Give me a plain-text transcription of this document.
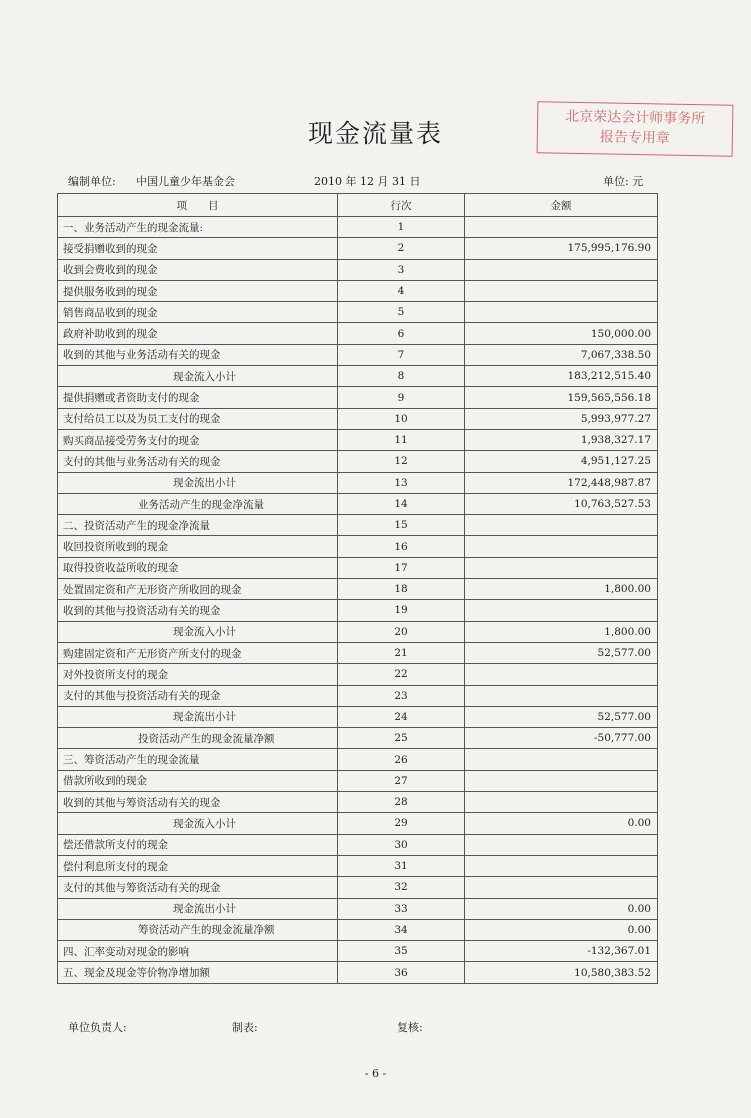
现金流量表
北京荣达会计师事务所
报告专用章
编制单位: 中国儿童少年基金会	2010 年 12 月 31 日	单位: 元
项　　目	行次	金额
一、业务活动产生的现金流量:	1	
接受捐赠收到的现金	2	175,995,176.90
收到会费收到的现金	3	
提供服务收到的现金	4	
销售商品收到的现金	5	
政府补助收到的现金	6	150,000.00
收到的其他与业务活动有关的现金	7	7,067,338.50
现金流入小计	8	183,212,515.40
提供捐赠或者资助支付的现金	9	159,565,556.18
支付给员工以及为员工支付的现金	10	5,993,977.27
购买商品接受劳务支付的现金	11	1,938,327.17
支付的其他与业务活动有关的现金	12	4,951,127.25
现金流出小计	13	172,448,987.87
业务活动产生的现金净流量	14	10,763,527.53
二、投资活动产生的现金净流量	15	
收回投资所收到的现金	16	
取得投资收益所收的现金	17	
处置固定资和产无形资产所收回的现金	18	1,800.00
收到的其他与投资活动有关的现金	19	
现金流入小计	20	1,800.00
购建固定资和产无形资产所支付的现金	21	52,577.00
对外投资所支付的现金	22	
支付的其他与投资活动有关的现金	23	
现金流出小计	24	52,577.00
投资活动产生的现金流量净额	25	-50,777.00
三、筹资活动产生的现金流量	26	
借款所收到的现金	27	
收到的其他与筹资活动有关的现金	28	
现金流入小计	29	0.00
偿还借款所支付的现金	30	
偿付利息所支付的现金	31	
支付的其他与筹资活动有关的现金	32	
现金流出小计	33	0.00
筹资活动产生的现金流量净额	34	0.00
四、汇率变动对现金的影响	35	-132,367.01
五、现金及现金等价物净增加额	36	10,580,383.52
单位负责人:	制表:	复核:
- 6 -
